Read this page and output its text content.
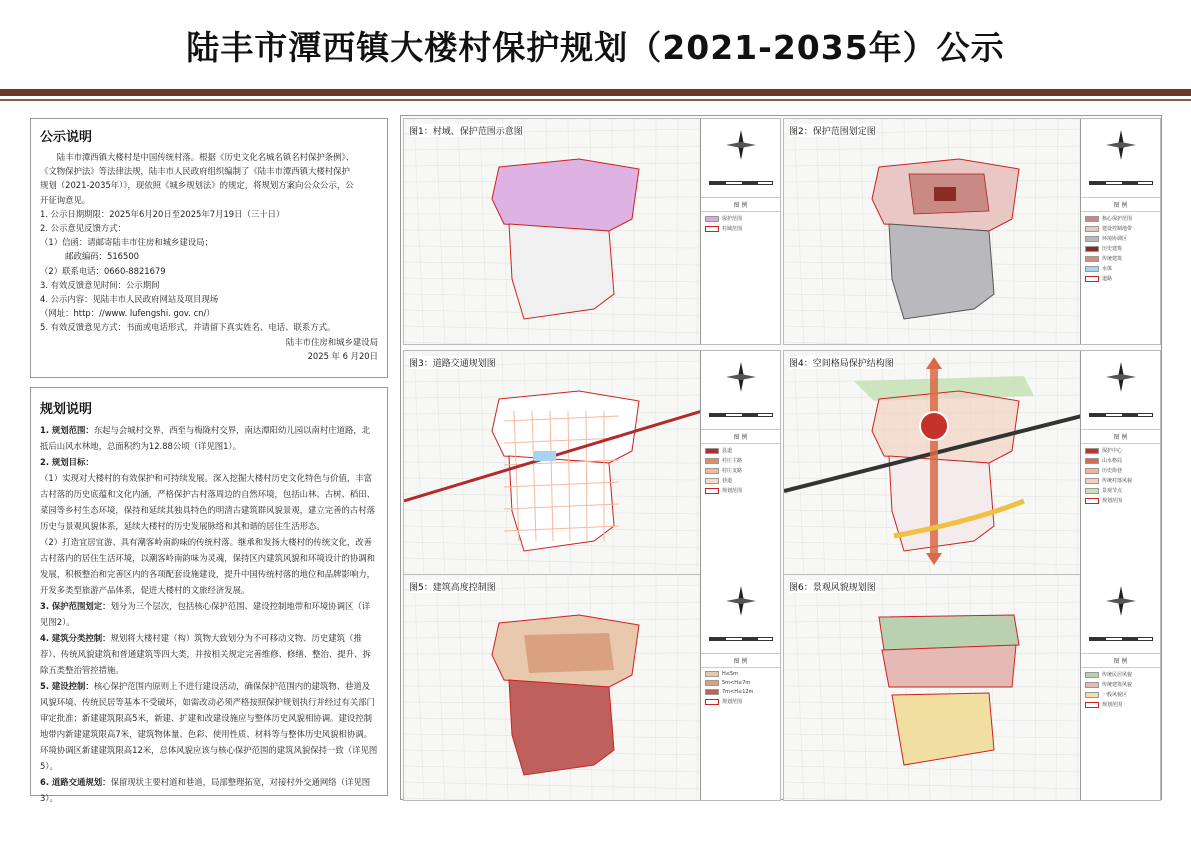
陆丰市潭西镇大楼村保护规划（2021-2035年）公示
公示说明
　　陆丰市潭西镇大楼村是中国传统村落。根据《历史文化名城名镇名村保护条例》、
《文物保护法》等法律法规，陆丰市人民政府组织编制了《陆丰市潭西镇大楼村保护
规划（2021-2035年）》，现依照《城乡规划法》的规定，将规划方案向公众公示，公
开征询意见。
1. 公示日期期限：2025年6月20日至2025年7月19日（三十日）
2. 公示意见反馈方式：
（1）信函：请邮寄陆丰市住房和城乡建设局；
　　　邮政编码：516500
（2）联系电话：0660-8821679
3. 有效反馈意见时间：公示期间
4. 公示内容：见陆丰市人民政府网站及项目现场
（网址：http：//www. lufengshi. gov. cn/）
5. 有效反馈意见方式：书面或电话形式，并请留下真实姓名、电话、联系方式。
陆丰市住房和城乡建设局
2025 年 6 月20日
规划说明
1. 规划范围：东起与会城村交界，西至与梅陇村交界，南达潭阳幼儿园以南村庄道路，北抵后山风水林地，总面积约为12.88公顷（详见图1）。
2. 规划目标：
（1）实现对大楼村的有效保护和可持续发展。深入挖掘大楼村历史文化特色与价值，丰富古村落的历史底蕴和文化内涵，严格保护古村落周边的自然环境，包括山林、古树、稻田、菜园等乡村生态环境，保持和延续其独具特色的明清古建筑群风貌景观，建立完善的古村落历史与景观风貌体系，延续大楼村的历史发展脉络和其和谐的居住生活形态。
（2）打造宜居宜游、具有潮客岭南韵味的传统村落。继承和发扬大楼村的传统文化，改善古村落内的居住生活环境，以潮客岭南韵味为灵魂，保持区内建筑风貌和环境设计的协调和发展，积极整治和完善区内的各项配套设施建设，提升中国传统村落的地位和品牌影响力，开发多类型旅游产品体系，促进大楼村的文旅经济发展。
3. 保护范围划定：划分为三个层次，包括核心保护范围、建设控制地带和环境协调区（详见图2）。
4. 建筑分类控制：规划将大楼村建（构）筑物大致划分为不可移动文物、历史建筑（推荐）、传统风貌建筑和普通建筑等四大类，并按相关规定完善维修、修缮、整治、提升、拆除五类整治管控措施。
5. 建设控制：核心保护范围内原则上不进行建设活动，确保保护范围内的建筑物、巷道及风貌环境、传统民居等基本不受破坏，如需改动必须严格按照保护规划执行并经过有关部门审定批准；新建建筑限高5米，新建、扩建和改建设施应与整体历史风貌相协调。建设控制地带内新建建筑限高7米，建筑物体量、色彩、使用性质、材料等与整体历史风貌相协调。环境协调区新建建筑限高12米，总体风貌应该与核心保护范围的建筑风貌保持一致（详见图5）。
6. 道路交通规划：保留现状主要村道和巷道，局部整理拓宽，对接村外交通网络（详见图3）。
图1：村域、保护范围示意图
图 例
保护范围
村域范围
图2：保护范围划定图
图 例
核心保护范围
建设控制地带
环境协调区
历史建筑
传统建筑
水体
道路
图3：道路交通规划图
图 例
县道
村庄主路
村庄支路
巷道
规划范围
图4：空间格局保护结构图
图 例
保护中心
山水格局
历史街巷
传统村落风貌
景观节点
规划范围
图5：建筑高度控制图
图 例
H≤5m
5m<H≤7m
7m<H≤12m
规划范围
图6：景观风貌规划图
图 例
传统民居风貌
传统建筑风貌
一般风貌区
规划范围
